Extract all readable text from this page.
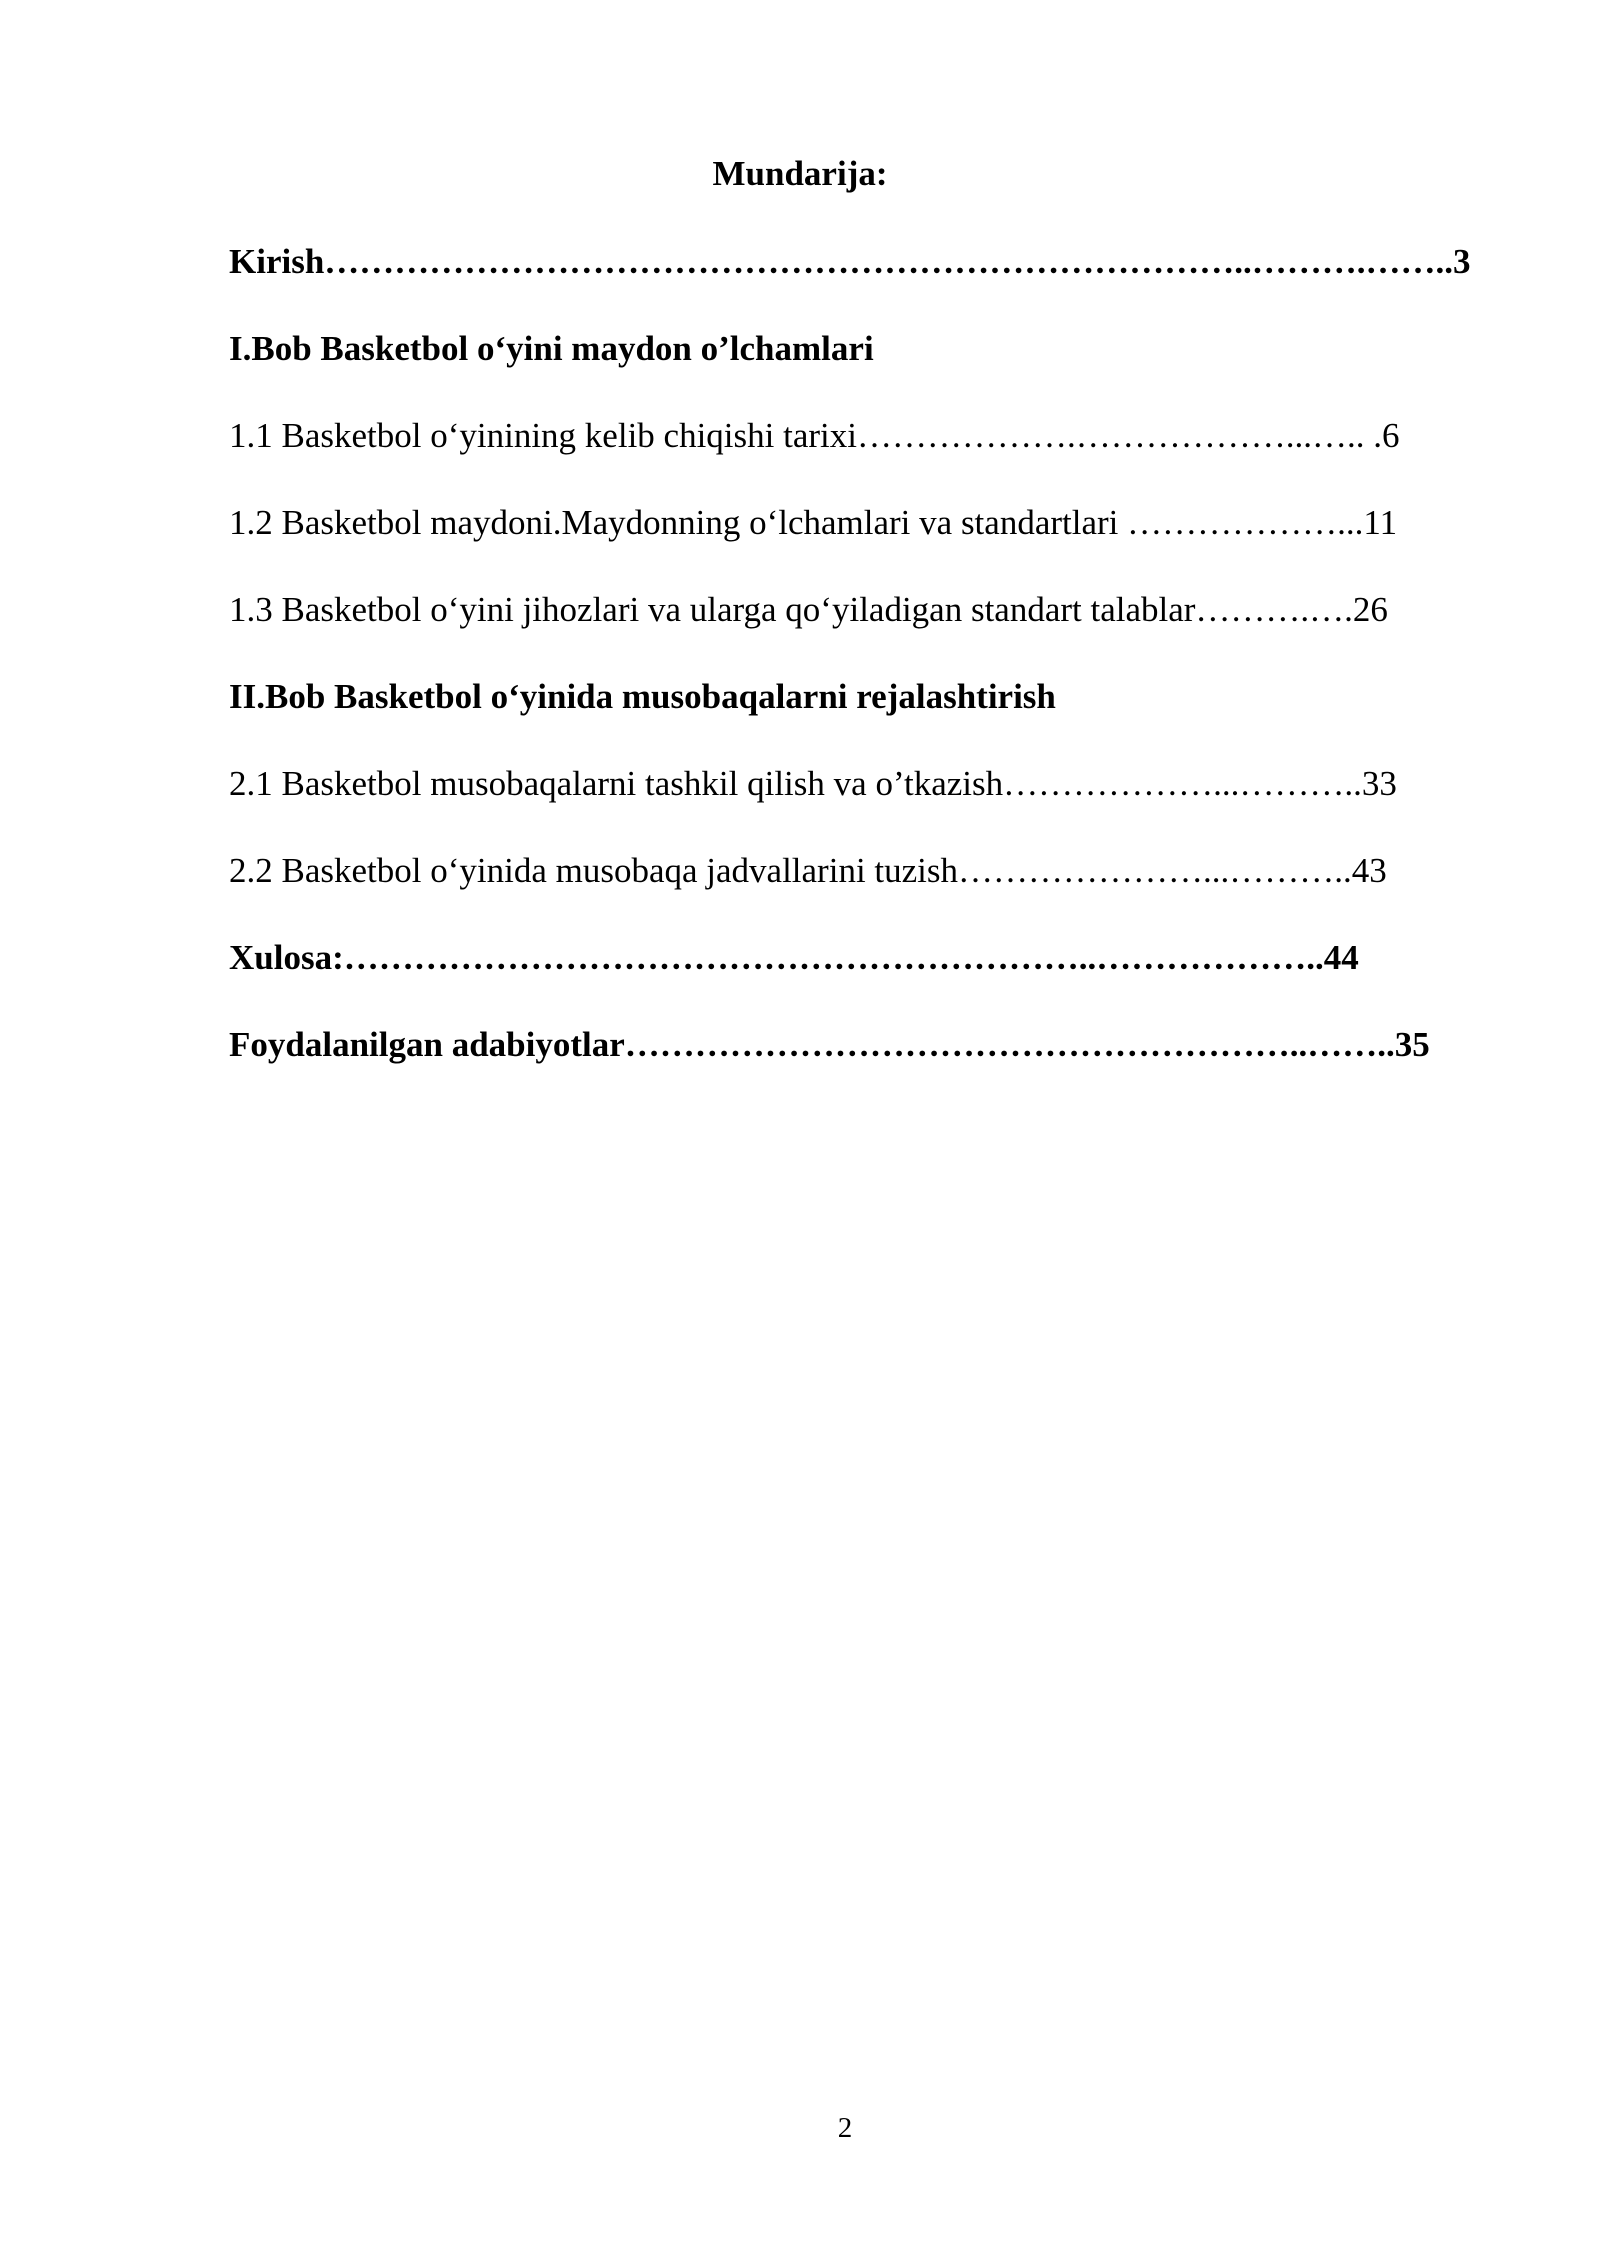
Mundarija:
Kirish……………………………………………………………………..……….……..3
I.Bob Basketbol o‘yini maydon o’lchamlari
1.1 Basketbol o‘yinining kelib chiqishi tarixi……………….………………...….. .6
1.2 Basketbol maydoni.Maydonning o‘lchamlari va standartlari ………………...11
1.3 Basketbol o‘yini jihozlari va ularga qo‘yiladigan standart talablar……….….26
II.Bob Basketbol o‘yinida musobaqalarni rejalashtirish
2.1 Basketbol musobaqalarni tashkil qilish va o’tkazish………………...………..33
2.2 Basketbol o‘yinida musobaqa jadvallarini tuzish…………………...………..43
Xulosa:………………………………………………………..………………..44
Foydalanilgan adabiyotlar…………………………………………………..……..35
2
